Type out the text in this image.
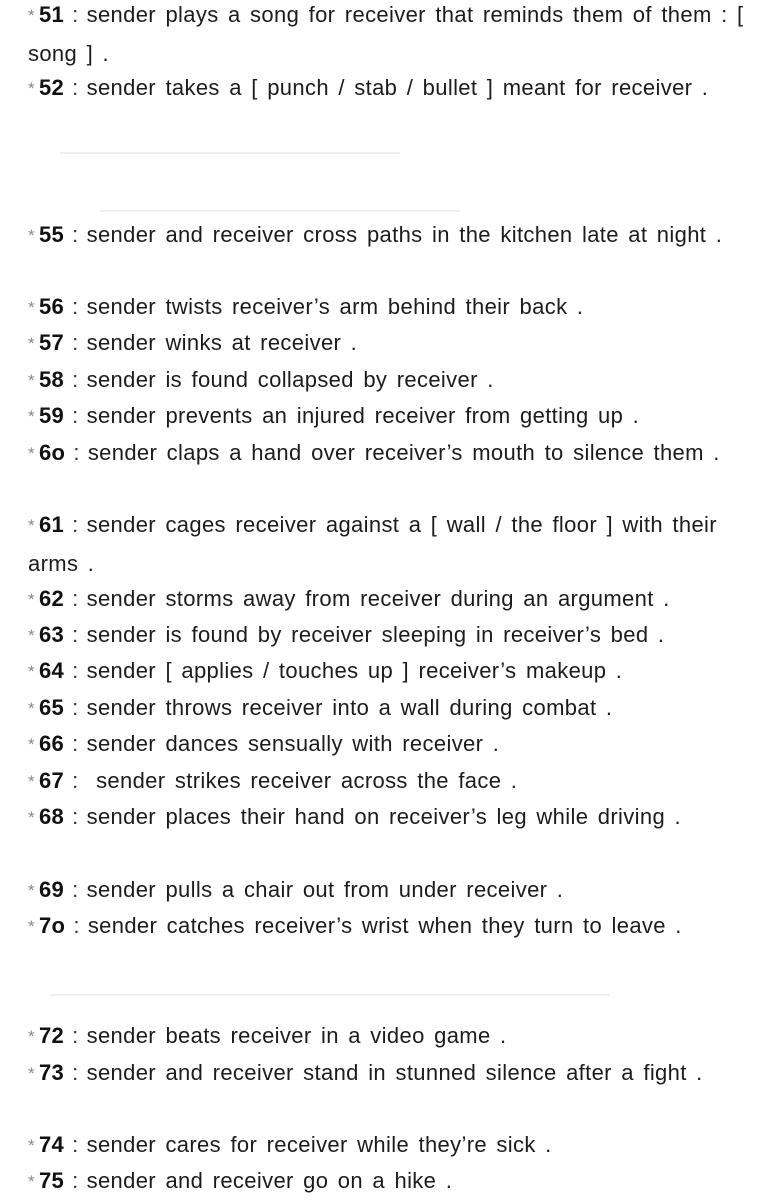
* 51 : sender plays a song for receiver that reminds them of them : [ song ] .
* 52 : sender takes a [ punch / stab / bullet ] meant for receiver .
* 55 : sender and receiver cross paths in the kitchen late at night .
* 56 : sender twists receiver’s arm behind their back .
* 57 : sender winks at receiver .
* 58 : sender is found collapsed by receiver .
* 59 : sender prevents an injured receiver from getting up .
* 6o : sender claps a hand over receiver’s mouth to silence them .
* 61 : sender cages receiver against a [ wall / the floor ] with their arms .
* 62 : sender storms away from receiver during an argument .
* 63 : sender is found by receiver sleeping in receiver’s bed .
* 64 : sender [ applies / touches up ] receiver’s makeup .
* 65 : sender throws receiver into a wall during combat .
* 66 : sender dances sensually with receiver .
* 67 : sender strikes receiver across the face .
* 68 : sender places their hand on receiver’s leg while driving .
* 69 : sender pulls a chair out from under receiver .
* 7o : sender catches receiver’s wrist when they turn to leave .
* 72 : sender beats receiver in a video game .
* 73 : sender and receiver stand in stunned silence after a fight .
* 74 : sender cares for receiver while they’re sick .
* 75 : sender and receiver go on a hike .
